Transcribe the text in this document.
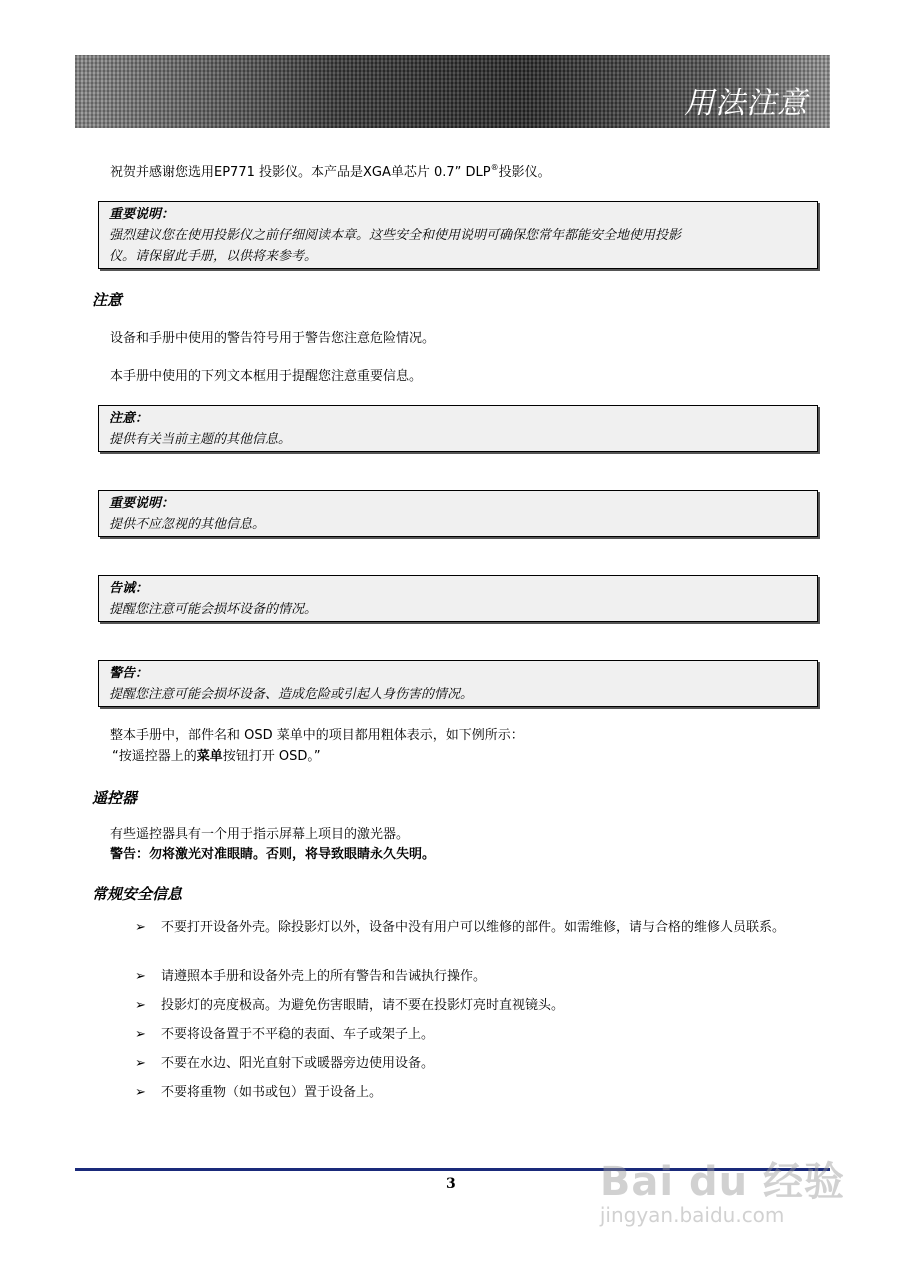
用法注意
祝贺并感谢您选用EP771 投影仪。本产品是XGA单芯片 0.7” DLP®投影仪。
重要说明：
强烈建议您在使用投影仪之前仔细阅读本章。这些安全和使用说明可确保您常年都能安全地使用投影
仪。请保留此手册，以供将来参考。
注意
设备和手册中使用的警告符号用于警告您注意危险情况。
本手册中使用的下列文本框用于提醒您注意重要信息。
注意：
提供有关当前主题的其他信息。
重要说明：
提供不应忽视的其他信息。
告诫：
提醒您注意可能会损坏设备的情况。
警告：
提醒您注意可能会损坏设备、造成危险或引起人身伤害的情况。
整本手册中，部件名和 OSD 菜单中的项目都用粗体表示，如下例所示：
“按遥控器上的菜单按钮打开 OSD。”
遥控器
有些遥控器具有一个用于指示屏幕上项目的激光器。
警告：勿将激光对准眼睛。否则，将导致眼睛永久失明。
常规安全信息
➢	不要打开设备外壳。除投影灯以外，设备中没有用户可以维修的部件。如需维修，请与合格的维修人员联系。
➢	请遵照本手册和设备外壳上的所有警告和告诫执行操作。
➢	投影灯的亮度极高。为避免伤害眼睛，请不要在投影灯亮时直视镜头。
➢	不要将设备置于不平稳的表面、车子或架子上。
➢	不要在水边、阳光直射下或暖器旁边使用设备。
➢	不要将重物（如书或包）置于设备上。
3	Bai du 经验
jingyan.baidu.com
